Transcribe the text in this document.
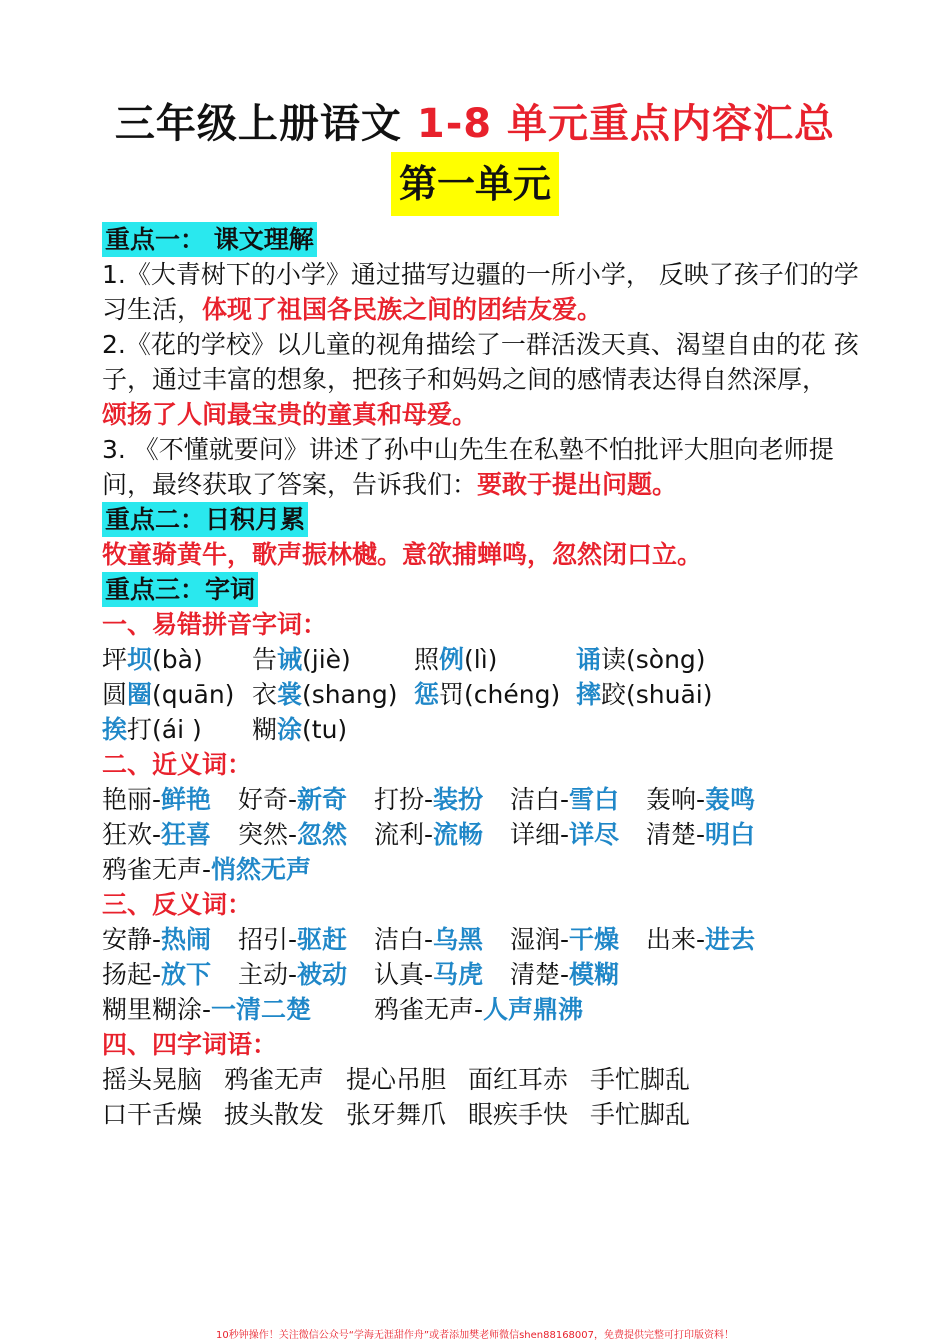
三年级上册语文 1-8 单元重点内容汇总
第一单元
重点一： 课文理解
1.《大青树下的小学》通过描写边疆的一所小学， 反映了孩子们的学习生活，体现了祖国各民族之间的团结友爱。
2.《花的学校》以儿童的视角描绘了一群活泼天真、渴望自由的花 孩子，通过丰富的想象，把孩子和妈妈之间的感情表达得自然深厚，
颂扬了人间最宝贵的童真和母爱。
3. 《不懂就要问》讲述了孙中山先生在私塾不怕批评大胆向老师提问，最终获取了答案，告诉我们：要敢于提出问题。
重点二：日积月累
牧童骑黄牛，歌声振林樾。意欲捕蝉鸣，忽然闭口立。
重点三：字词
一、易错拼音字词：
坪坝(bà) 告诫(jiè)	照例(lì)	诵读(sòng)
圆圈(quān) 衣裳(shang) 惩罚(chéng) 摔跤(shuāi)
挨打(ái ) 糊涂(tu)
二、近义词：
艳丽-鲜艳 好奇-新奇 打扮-装扮 洁白-雪白 轰响-轰鸣
狂欢-狂喜 突然-忽然 流利-流畅 详细-详尽 清楚-明白
鸦雀无声-悄然无声
三、反义词：
安静-热闹 招引-驱赶 洁白-乌黑 湿润-干燥 出来-进去
扬起-放下 主动-被动 认真-马虎 清楚-模糊
糊里糊涂-一清二楚	鸦雀无声-人声鼎沸
四、四字词语：
摇头晃脑 鸦雀无声 提心吊胆 面红耳赤 手忙脚乱
口干舌燥 披头散发 张牙舞爪 眼疾手快 手忙脚乱
10秒钟操作！关注微信公众号“学海无涯甜作舟”或者添加樊老师微信shen88168007，免费提供完整可打印版资料！
